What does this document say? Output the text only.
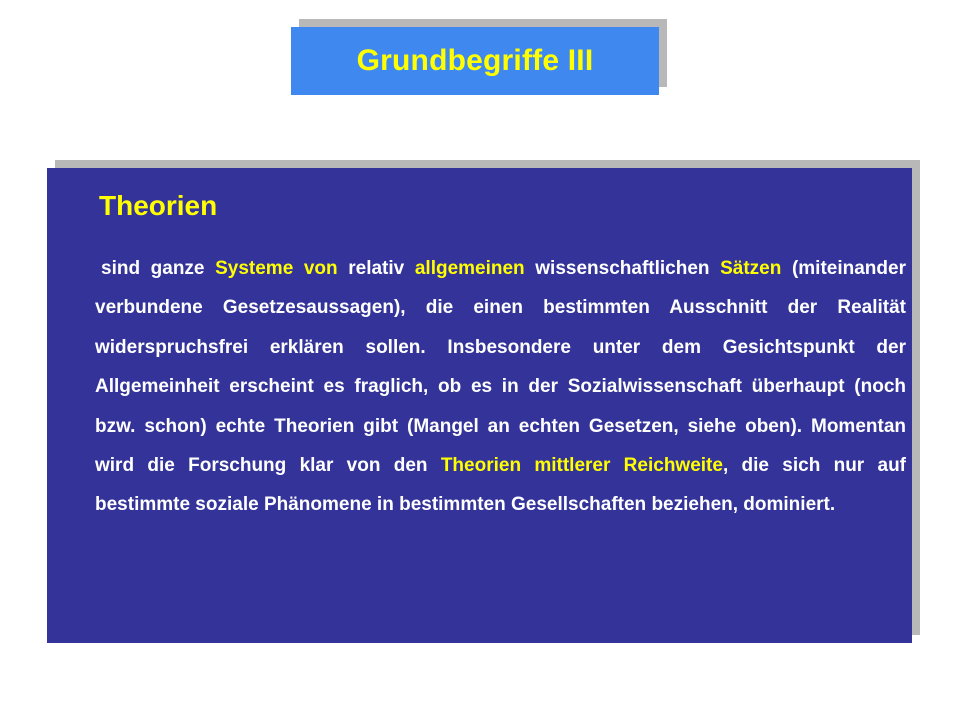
Grundbegriffe III
Theorien

sind ganze Systeme von relativ allgemeinen wissenschaftlichen Sätzen (miteinander verbundene Gesetzesaussagen), die einen bestimmten Ausschnitt der Realität widerspruchsfrei erklären sollen. Insbesondere unter dem Gesichtspunkt der Allgemeinheit erscheint es fraglich, ob es in der Sozialwissenschaft überhaupt (noch bzw. schon) echte Theorien gibt (Mangel an echten Gesetzen, siehe oben). Momentan wird die Forschung klar von den Theorien mittlerer Reichweite, die sich nur auf bestimmte soziale Phänomene in bestimmten Gesellschaften beziehen, dominiert.
